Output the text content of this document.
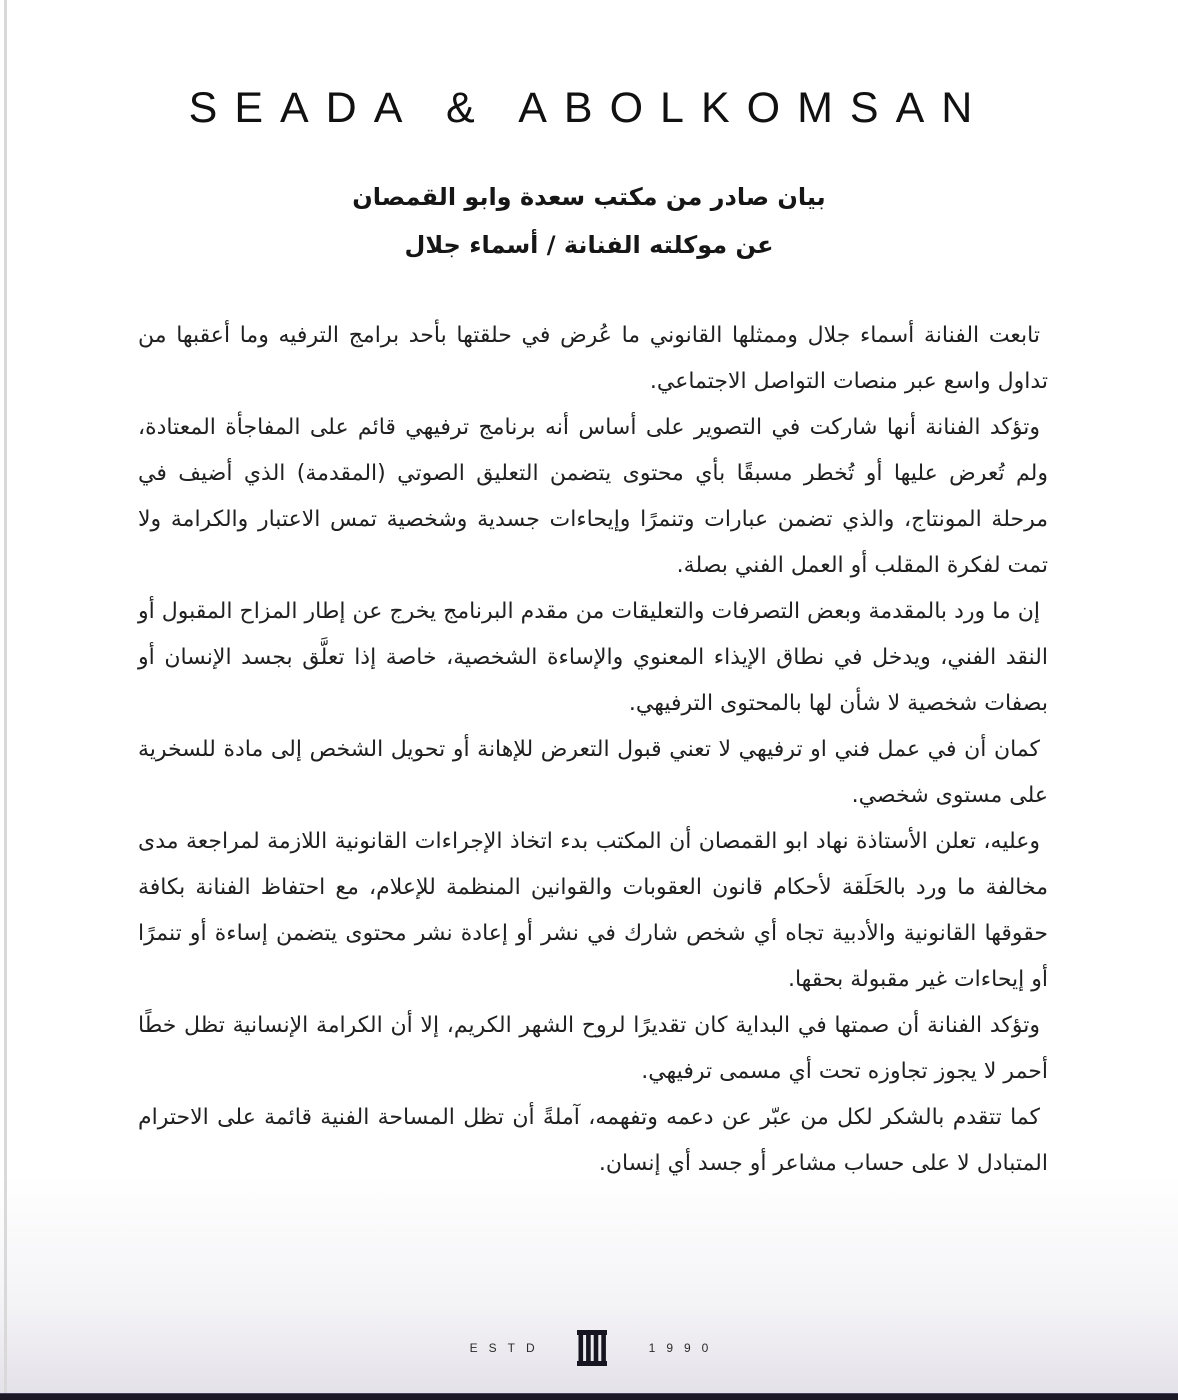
SEADA & ABOLKOMSAN
بيان صادر من مكتب سعدة وابو القمصان
عن موكلته الفنانة / أسماء جلال

تابعت الفنانة أسماء جلال وممثلها القانوني ما عُرض في حلقتها بأحد برامج الترفيه وما أعقبها من تداول واسع عبر منصات التواصل الاجتماعي.

وتؤكد الفنانة أنها شاركت في التصوير على أساس أنه برنامج ترفيهي قائم على المفاجأة المعتادة، ولم تُعرض عليها أو تُخطر مسبقًا بأي محتوى يتضمن التعليق الصوتي (المقدمة) الذي أضيف في مرحلة المونتاج، والذي تضمن عبارات وتنمرًا وإيحاءات جسدية وشخصية تمس الاعتبار والكرامة ولا تمت لفكرة المقلب أو العمل الفني بصلة.

إن ما ورد بالمقدمة وبعض التصرفات والتعليقات من مقدم البرنامج يخرج عن إطار المزاح المقبول أو النقد الفني، ويدخل في نطاق الإيذاء المعنوي والإساءة الشخصية، خاصة إذا تعلَّق بجسد الإنسان أو بصفات شخصية لا شأن لها بالمحتوى الترفيهي.

كمان أن في عمل فني او ترفيهي لا تعني قبول التعرض للإهانة أو تحويل الشخص إلى مادة للسخرية على مستوى شخصي.

وعليه، تعلن الأستاذة نهاد ابو القمصان أن المكتب بدء اتخاذ الإجراءات القانونية اللازمة لمراجعة مدى مخالفة ما ورد بالحَلَقة لأحكام قانون العقوبات والقوانين المنظمة للإعلام، مع احتفاظ الفنانة بكافة حقوقها القانونية والأدبية تجاه أي شخص شارك في نشر أو إعادة نشر محتوى يتضمن إساءة أو تنمرًا أو إيحاءات غير مقبولة بحقها.

وتؤكد الفنانة أن صمتها في البداية كان تقديرًا لروح الشهر الكريم، إلا أن الكرامة الإنسانية تظل خطًا أحمر لا يجوز تجاوزه تحت أي مسمى ترفيهي.

كما تتقدم بالشكر لكل من عبّر عن دعمه وتفهمه، آملةً أن تظل المساحة الفنية قائمة على الاحترام المتبادل لا على حساب مشاعر أو جسد أي إنسان.

ESTD	1990
